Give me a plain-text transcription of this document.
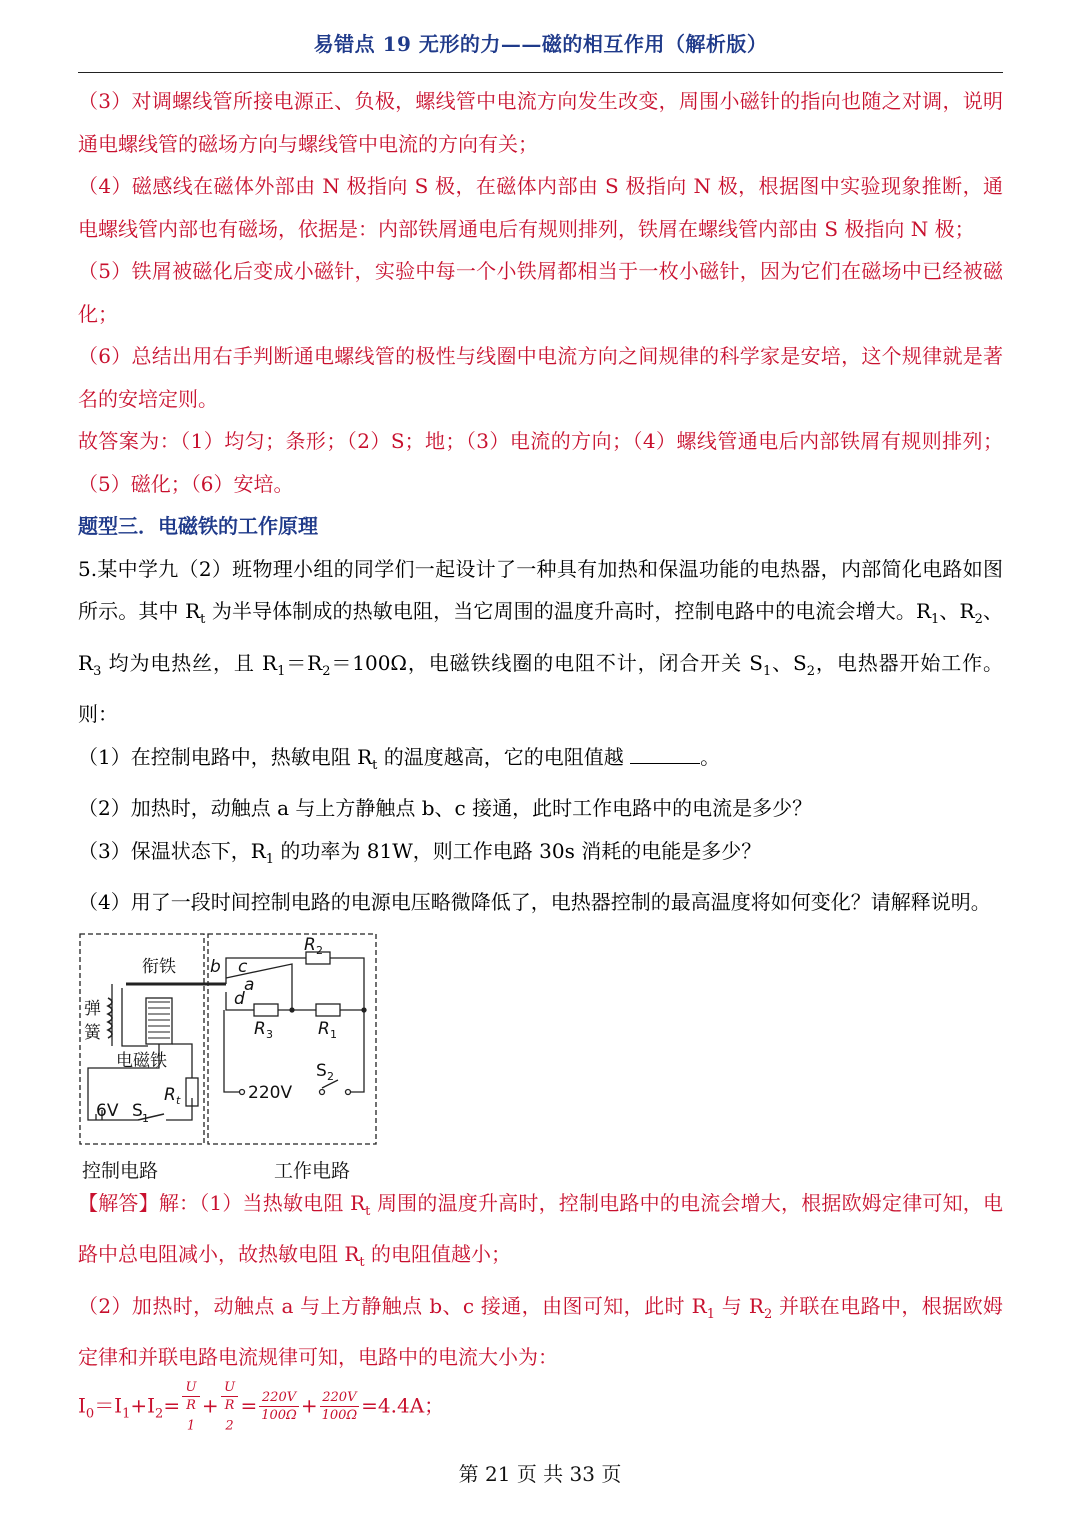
易错点 19 无形的力——磁的相互作用（解析版）

（3）对调螺线管所接电源正、负极，螺线管中电流方向发生改变，周围小磁针的指向也随之对调，说明通电螺线管的磁场方向与螺线管中电流的方向有关；

（4）磁感线在磁体外部由 N 极指向 S 极，在磁体内部由 S 极指向 N 极，根据图中实验现象推断，通电螺线管内部也有磁场，依据是：内部铁屑通电后有规则排列，铁屑在螺线管内部由 S 极指向 N 极；

（5）铁屑被磁化后变成小磁针，实验中每一个小铁屑都相当于一枚小磁针，因为它们在磁场中已经被磁化；

（6）总结出用右手判断通电螺线管的极性与线圈中电流方向之间规律的科学家是安培，这个规律就是著名的安培定则。

故答案为：（1）均匀；条形；（2）S；地；（3）电流的方向；（4）螺线管通电后内部铁屑有规则排列；（5）磁化；（6）安培。

题型三．电磁铁的工作原理

5.某中学九（2）班物理小组的同学们一起设计了一种具有加热和保温功能的电热器，内部简化电路如图所示。其中 $R_t$ 为半导体制成的热敏电阻，当它周围的温度升高时，控制电路中的电流会增大。$R_1$、$R_2$、$R_3$ 均为电热丝，且 $R_1=R_2=100\Omega$，电磁铁线圈的电阻不计，闭合开关 $S_1$、$S_2$，电热器开始工作。则：

（1）在控制电路中，热敏电阻 $R_t$ 的温度越高，它的电阻值越	。

（2）加热时，动触点 a 与上方静触点 b、c 接通，此时工作电路中的电流是多少？

（3）保温状态下，$R_1$ 的功率为 81W，则工作电路 30s 消耗的电能是多少？

（4）用了一段时间控制电路的电源电压略微降低了，电热器控制的最高温度将如何变化？请解释说明。

衔铁
弹
簧
电磁铁
6V S 1
R t
b c
a
d
R 2
R 3	R 1
220V
S 2
控制电路	工作电路

【解答】解：（1）当热敏电阻 $R_t$ 周围的温度升高时，控制电路中的电流会增大，根据欧姆定律可知，电路中总电阻减小，故热敏电阻 $R_t$ 的电阻值越小；

（2）加热时，动触点 a 与上方静触点 b、c 接通，由图可知，此时 $R_1$ 与 $R_2$ 并联在电路中，根据欧姆定律和并联电路电流规律可知，电路中的电流大小为：

$I_0=I_1+I_2= U$
R
$_1$ + U
R
$_2 = \frac{220V}{100\Omega} + \frac{220V}{100\Omega} =4.4A$；

第 21 页 共 33 页
